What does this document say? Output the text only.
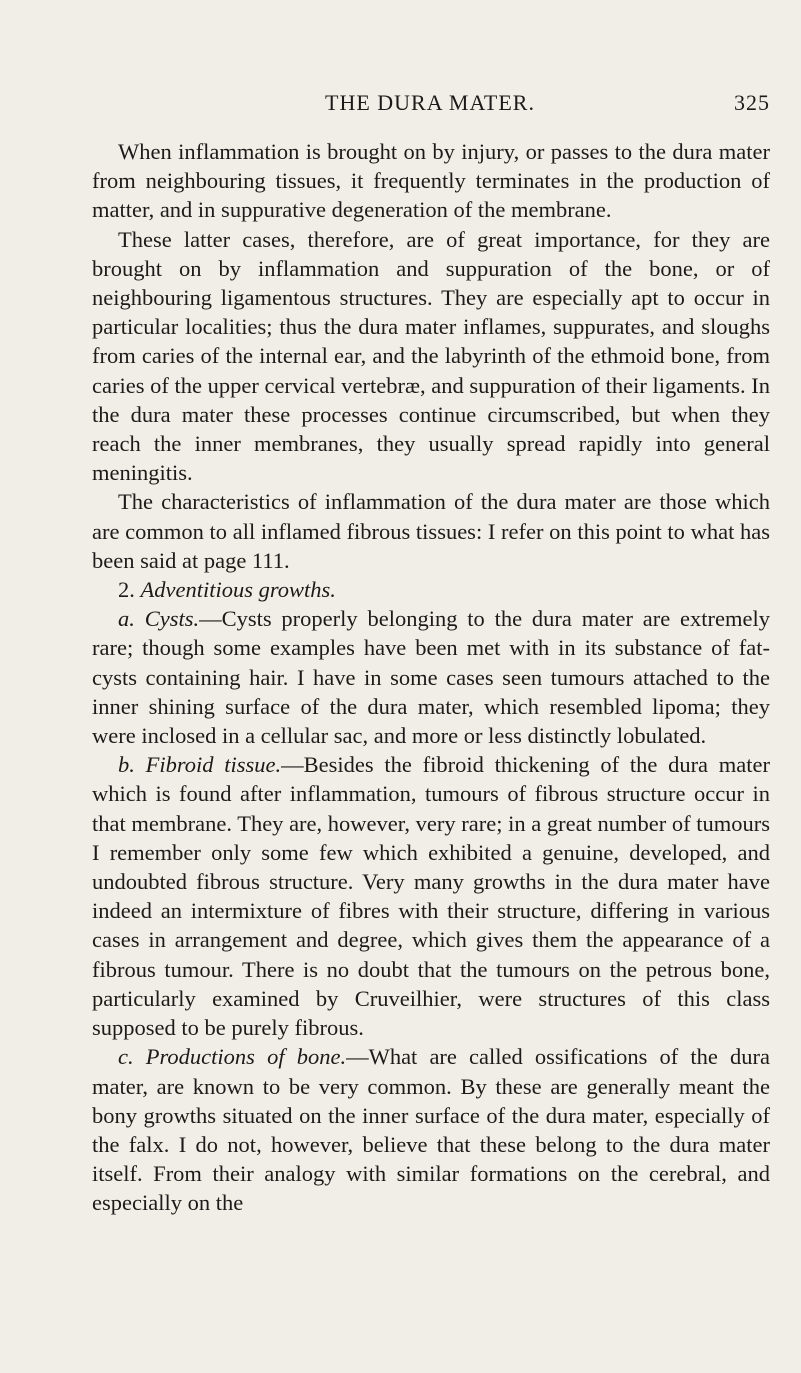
THE DURA MATER.	325

When inflammation is brought on by injury, or passes to the dura mater from neighbouring tissues, it frequently terminates in the production of matter, and in suppurative degeneration of the membrane.

These latter cases, therefore, are of great importance, for they are brought on by inflammation and suppuration of the bone, or of neighbouring ligamentous structures. They are especially apt to occur in particular localities; thus the dura mater inflames, suppurates, and sloughs from caries of the internal ear, and the labyrinth of the ethmoid bone, from caries of the upper cervical vertebræ, and suppuration of their ligaments. In the dura mater these processes continue circumscribed, but when they reach the inner membranes, they usually spread rapidly into general meningitis.

The characteristics of inflammation of the dura mater are those which are common to all inflamed fibrous tissues: I refer on this point to what has been said at page 111.

2. Adventitious growths.

a. Cysts.—Cysts properly belonging to the dura mater are extremely rare; though some examples have been met with in its substance of fat-cysts containing hair. I have in some cases seen tumours attached to the inner shining surface of the dura mater, which resembled lipoma; they were inclosed in a cellular sac, and more or less distinctly lobulated.

b. Fibroid tissue.—Besides the fibroid thickening of the dura mater which is found after inflammation, tumours of fibrous structure occur in that membrane. They are, however, very rare; in a great number of tumours I remember only some few which exhibited a genuine, developed, and undoubted fibrous structure. Very many growths in the dura mater have indeed an intermixture of fibres with their structure, differing in various cases in arrangement and degree, which gives them the appearance of a fibrous tumour. There is no doubt that the tumours on the petrous bone, particularly examined by Cruveilhier, were structures of this class supposed to be purely fibrous.

c. Productions of bone.—What are called ossifications of the dura mater, are known to be very common. By these are generally meant the bony growths situated on the inner surface of the dura mater, especially of the falx. I do not, however, believe that these belong to the dura mater itself. From their analogy with similar formations on the cerebral, and especially on the
